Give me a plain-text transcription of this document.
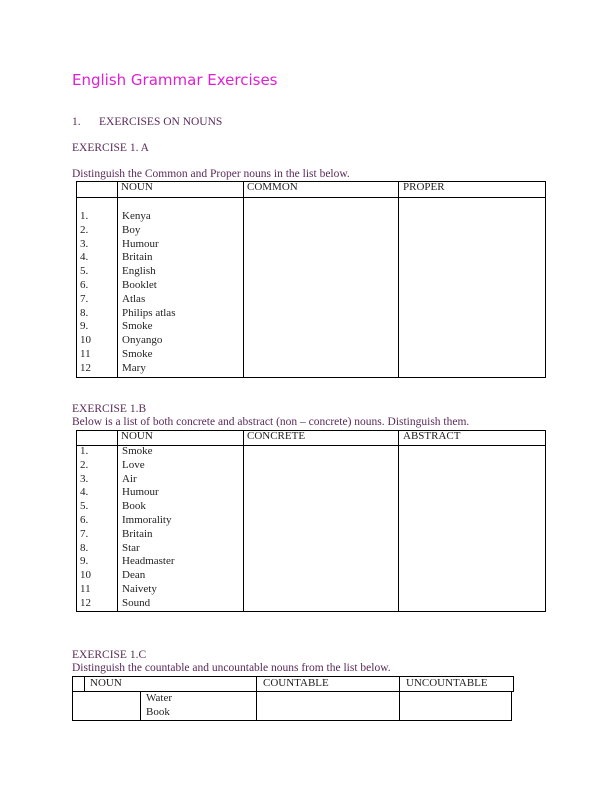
English Grammar Exercises
1. EXERCISES ON NOUNS
EXERCISE 1. A
Distinguish the Common and Proper nouns in the list below.
NOUN	COMMON	PROPER
1.	Kenya
2.	Boy
3.	Humour
4.	Britain
5.	English
6.	Booklet
7.	Atlas
8.	Philips atlas
9.	Smoke
10	Onyango
11	Smoke
12	Mary
EXERCISE 1.B
Below is a list of both concrete and abstract (non – concrete) nouns. Distinguish them.
NOUN	CONCRETE	ABSTRACT
1.	Smoke
2.	Love
3.	Air
4.	Humour
5.	Book
6.	Immorality
7.	Britain
8.	Star
9.	Headmaster
10	Dean
11	Naivety
12	Sound
EXERCISE 1.C
Distinguish the countable and uncountable nouns from the list below.
NOUN	COUNTABLE	UNCOUNTABLE
Water
Book
